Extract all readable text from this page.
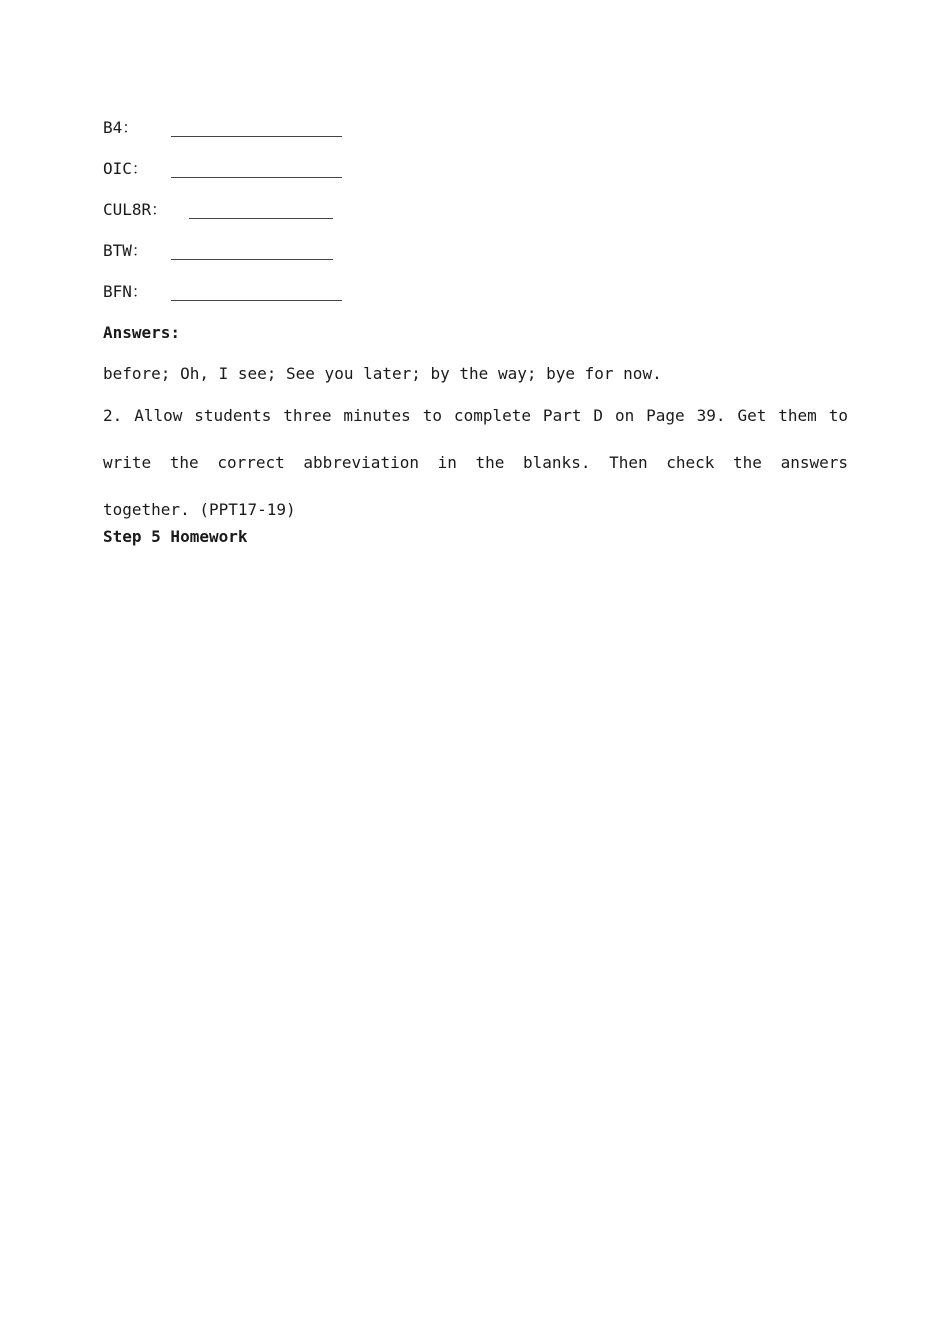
B4：
OIC：
CUL8R：
BTW：
BFN：
Answers:
before; Oh, I see; See you later; by the way; bye for now.
2. Allow students three minutes to complete Part D on Page 39. Get them to write the correct abbreviation in the blanks. Then check the answers together. (PPT17-19)
Step 5 Homework
